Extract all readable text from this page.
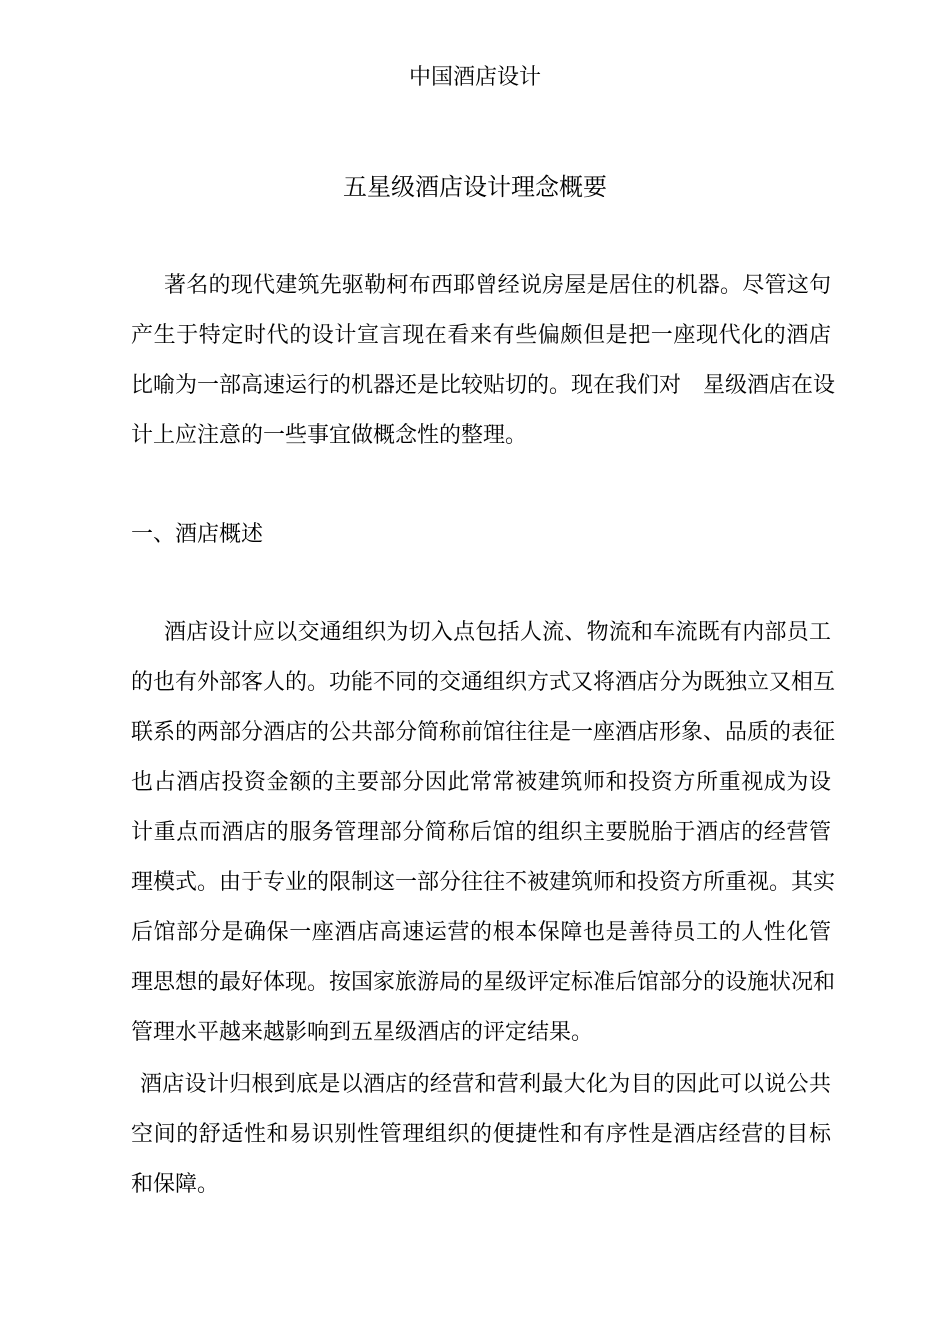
中国酒店设计
五星级酒店设计理念概要
著名的现代建筑先驱勒柯布西耶曾经说房屋是居住的机器。尽管这句
产生于特定时代的设计宣言现在看来有些偏颇但是把一座现代化的酒店
比喻为一部高速运行的机器还是比较贴切的。现在我们对　星级酒店在设
计上应注意的一些事宜做概念性的整理。
一、酒店概述
酒店设计应以交通组织为切入点包括人流、物流和车流既有内部员工
的也有外部客人的。功能不同的交通组织方式又将酒店分为既独立又相互
联系的两部分酒店的公共部分简称前馆往往是一座酒店形象、品质的表征
也占酒店投资金额的主要部分因此常常被建筑师和投资方所重视成为设
计重点而酒店的服务管理部分简称后馆的组织主要脱胎于酒店的经营管
理模式。由于专业的限制这一部分往往不被建筑师和投资方所重视。其实
后馆部分是确保一座酒店高速运营的根本保障也是善待员工的人性化管
理思想的最好体现。按国家旅游局的星级评定标准后馆部分的设施状况和
管理水平越来越影响到五星级酒店的评定结果。
酒店设计归根到底是以酒店的经营和营利最大化为目的因此可以说公共
空间的舒适性和易识别性管理组织的便捷性和有序性是酒店经营的目标
和保障。
